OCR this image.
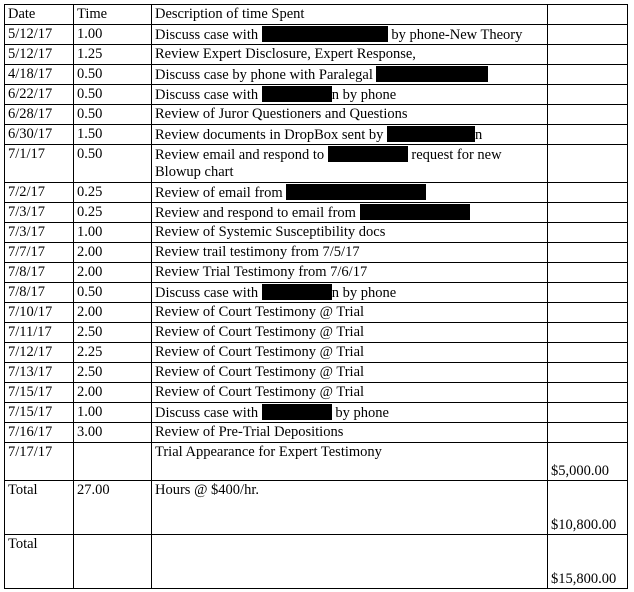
Date	Time	Description of time Spent	
5/12/17	1.00	Discuss case with by phone-New Theory	
5/12/17	1.25	Review Expert Disclosure, Expert Response,	
4/18/17	0.50	Discuss case by phone with Paralegal	
6/22/17	0.50	Discuss case with n by phone	
6/28/17	0.50	Review of Juror Questioners and Questions	
6/30/17	1.50	Review documents in DropBox sent by n	
7/1/17	0.50	Review email and respond to request for new
Blowup chart	
7/2/17	0.25	Review of email from	
7/3/17	0.25	Review and respond to email from	
7/3/17	1.00	Review of Systemic Susceptibility docs	
7/7/17	2.00	Review trail testimony from 7/5/17	
7/8/17	2.00	Review Trial Testimony from 7/6/17	
7/8/17	0.50	Discuss case with n by phone	
7/10/17	2.00	Review of Court Testimony @ Trial	
7/11/17	2.50	Review of Court Testimony @ Trial	
7/12/17	2.25	Review of Court Testimony @ Trial	
7/13/17	2.50	Review of Court Testimony @ Trial	
7/15/17	2.00	Review of Court Testimony @ Trial	
7/15/17	1.00	Discuss case with by phone	
7/16/17	3.00	Review of Pre-Trial Depositions	
7/17/17		Trial Appearance for Expert Testimony	$5,000.00
Total	27.00	Hours @ $400/hr.	$10,800.00
Total			$15,800.00
